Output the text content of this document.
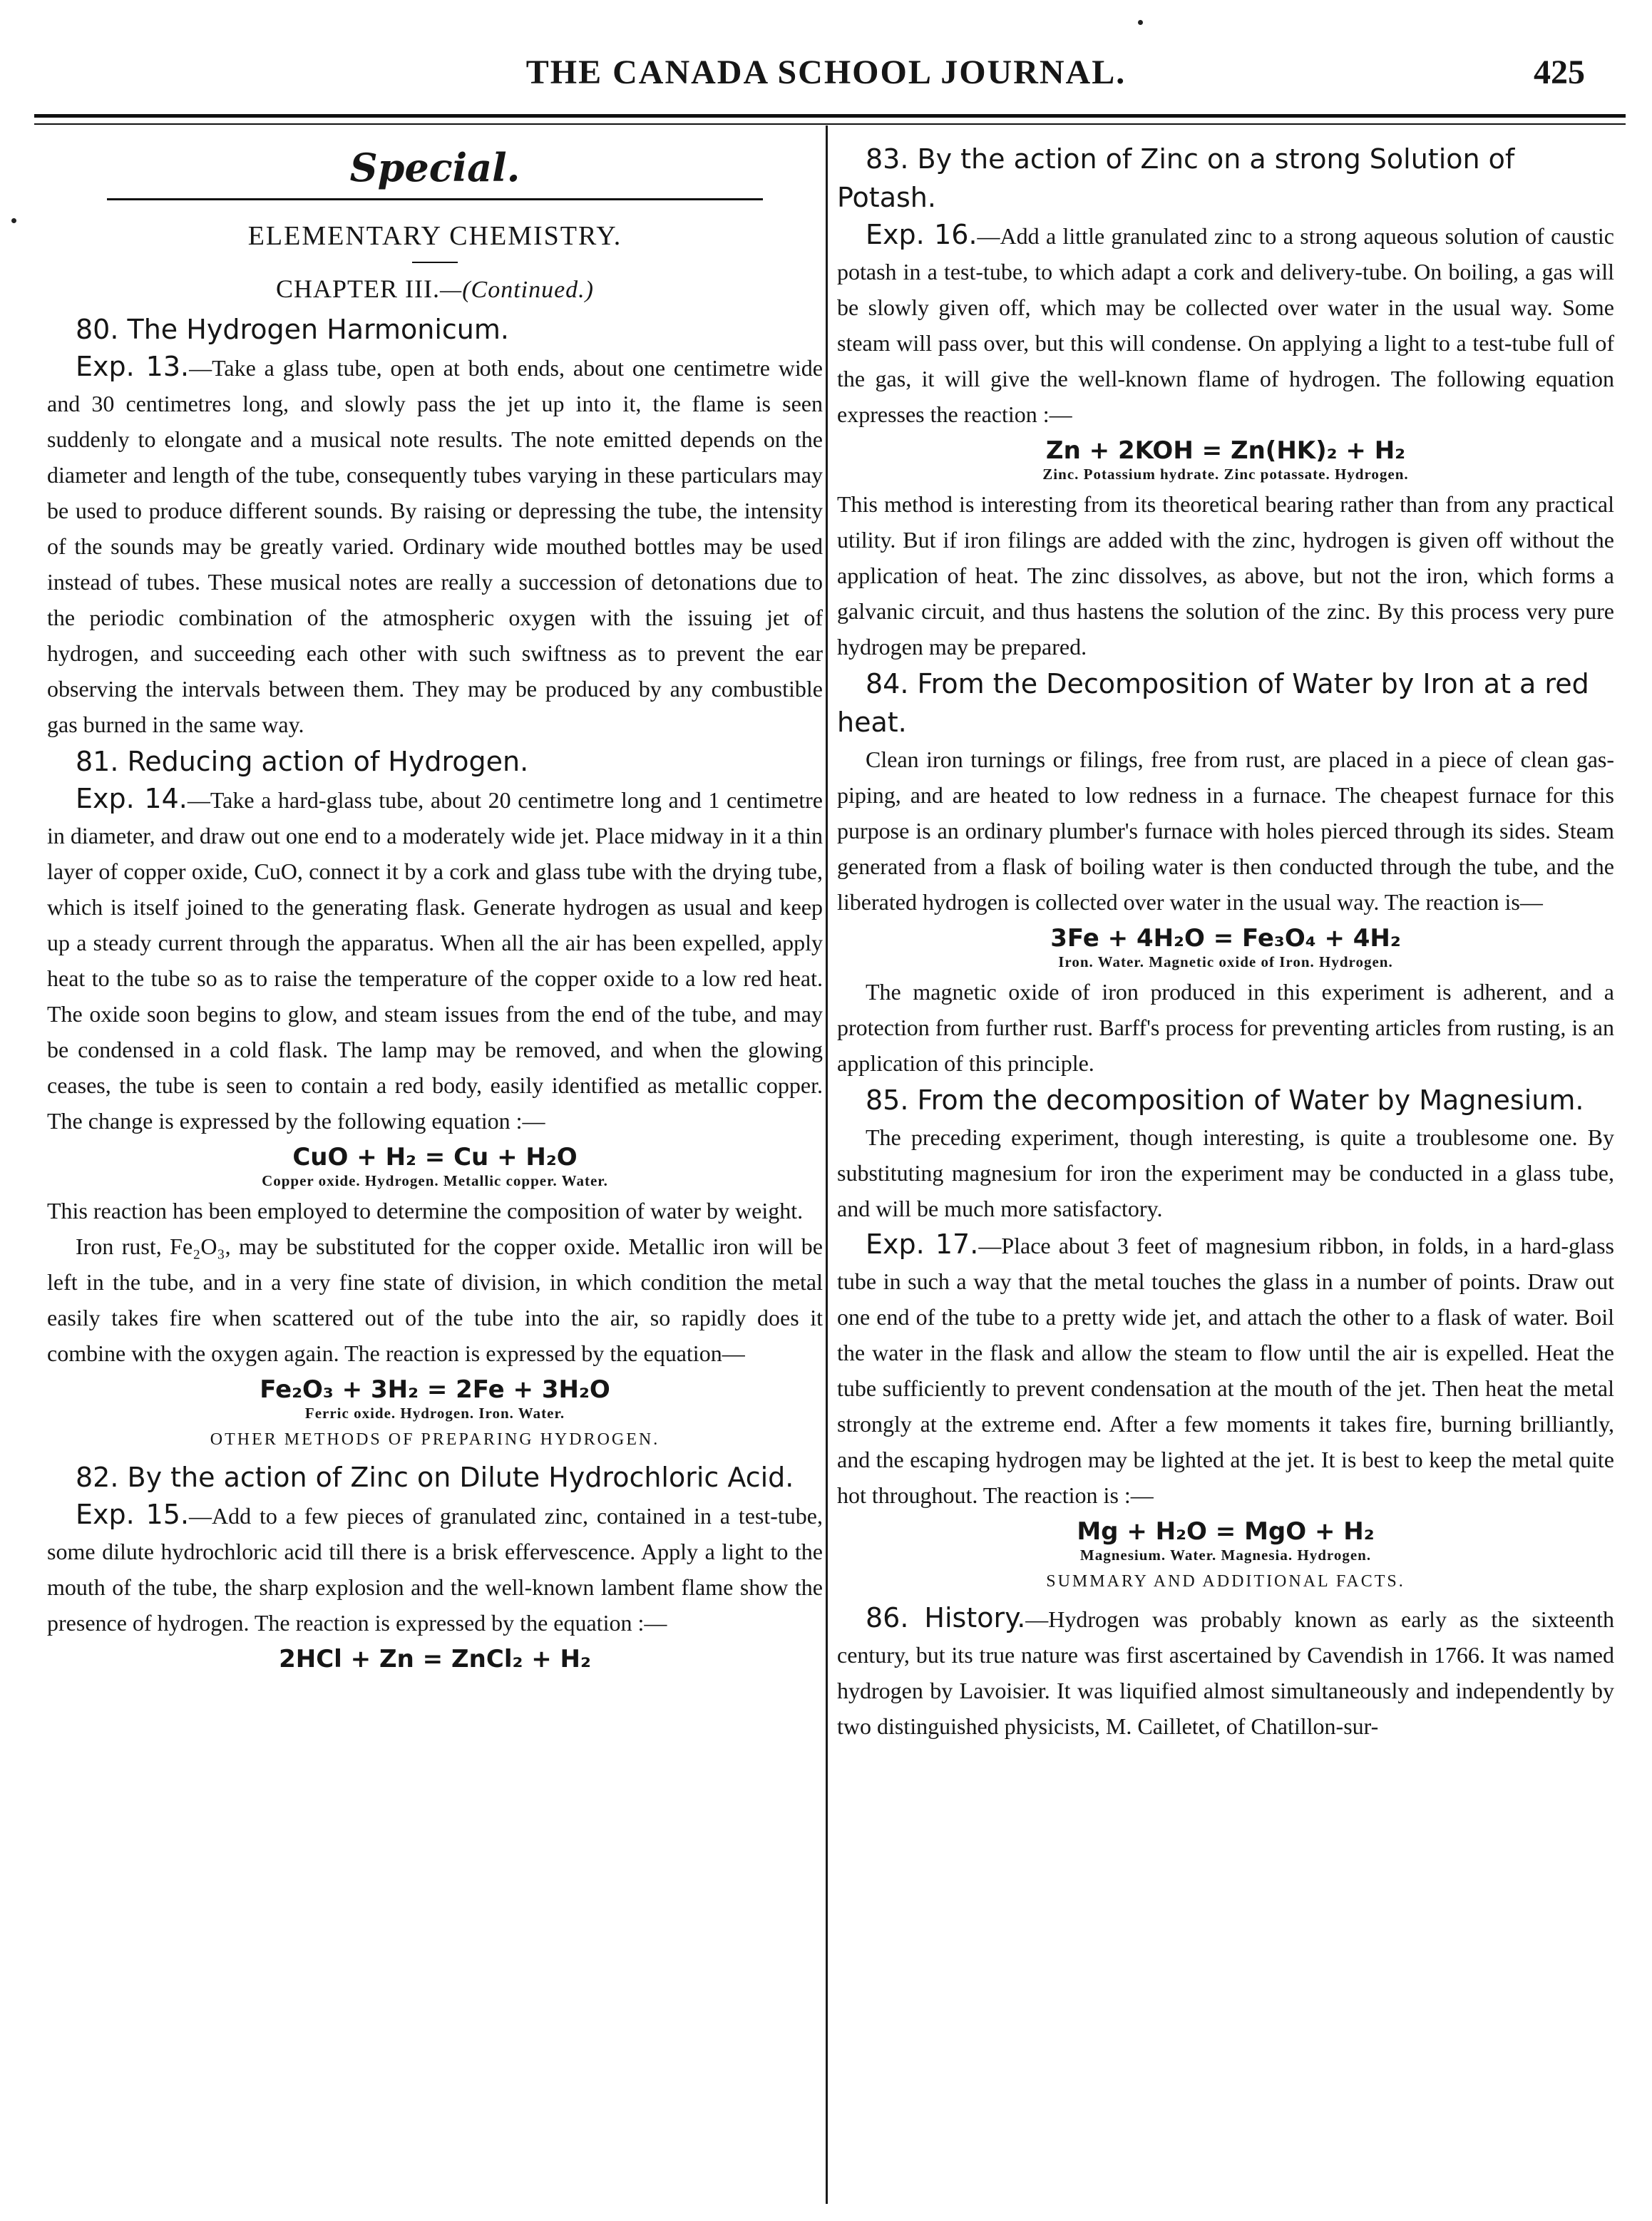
THE CANADA SCHOOL JOURNAL.	425
Special.
ELEMENTARY CHEMISTRY.
CHAPTER III.—(Continued.)

80. The Hydrogen Harmonicum.

Exp. 13.—Take a glass tube, open at both ends, about one centimetre wide and 30 centimetres long, and slowly pass the jet up into it, the flame is seen suddenly to elongate and a musical note results. The note emitted depends on the diameter and length of the tube, consequently tubes varying in these particulars may be used to produce different sounds. By raising or depressing the tube, the intensity of the sounds may be greatly varied. Ordinary wide mouthed bottles may be used instead of tubes. These musical notes are really a succession of detonations due to the periodic combination of the atmospheric oxygen with the issuing jet of hydrogen, and succeeding each other with such swiftness as to prevent the ear observing the intervals between them. They may be produced by any combustible gas burned in the same way.

81. Reducing action of Hydrogen.

Exp. 14.—Take a hard-glass tube, about 20 centimetre long and 1 centimetre in diameter, and draw out one end to a moderately wide jet. Place midway in it a thin layer of copper oxide, CuO, connect it by a cork and glass tube with the drying tube, which is itself joined to the generating flask. Generate hydrogen as usual and keep up a steady current through the apparatus. When all the air has been expelled, apply heat to the tube so as to raise the temperature of the copper oxide to a low red heat. The oxide soon begins to glow, and steam issues from the end of the tube, and may be condensed in a cold flask. The lamp may be removed, and when the glowing ceases, the tube is seen to contain a red body, easily identified as metallic copper. The change is expressed by the following equation :—

CuO + H₂ = Cu + H₂O
Copper oxide. Hydrogen. Metallic copper. Water.

This reaction has been employed to determine the composition of water by weight.

Iron rust, Fe₂O₃, may be substituted for the copper oxide. Metallic iron will be left in the tube, and in a very fine state of division, in which condition the metal easily takes fire when scattered out of the tube into the air, so rapidly does it combine with the oxygen again. The reaction is expressed by the equation—

Fe₂O₃ + 3H₂ = 2Fe + 3H₂O
Ferric oxide. Hydrogen. Iron. Water.
OTHER METHODS OF PREPARING HYDROGEN.

82. By the action of Zinc on Dilute Hydrochloric Acid.

Exp. 15.—Add to a few pieces of granulated zinc, contained in a test-tube, some dilute hydrochloric acid till there is a brisk effervescence. Apply a light to the mouth of the tube, the sharp explosion and the well-known lambent flame show the presence of hydrogen. The reaction is expressed by the equation :—

2HCl + Zn = ZnCl₂ + H₂

83. By the action of Zinc on a strong Solution of Potash.

Exp. 16.—Add a little granulated zinc to a strong aqueous solution of caustic potash in a test-tube, to which adapt a cork and delivery-tube. On boiling, a gas will be slowly given off, which may be collected over water in the usual way. Some steam will pass over, but this will condense. On applying a light to a test-tube full of the gas, it will give the well-known flame of hydrogen. The following equation expresses the reaction :—

Zn + 2KOH = Zn(HK)₂ + H₂
Zinc. Potassium hydrate. Zinc potassate. Hydrogen.

This method is interesting from its theoretical bearing rather than from any practical utility. But if iron filings are added with the zinc, hydrogen is given off without the application of heat. The zinc dissolves, as above, but not the iron, which forms a galvanic circuit, and thus hastens the solution of the zinc. By this process very pure hydrogen may be prepared.

84. From the Decomposition of Water by Iron at a red heat.

Clean iron turnings or filings, free from rust, are placed in a piece of clean gas-piping, and are heated to low redness in a furnace. The cheapest furnace for this purpose is an ordinary plumber's furnace with holes pierced through its sides. Steam generated from a flask of boiling water is then conducted through the tube, and the liberated hydrogen is collected over water in the usual way. The reaction is—

3Fe + 4H₂O = Fe₃O₄ + 4H₂
Iron. Water. Magnetic oxide of Iron. Hydrogen.

The magnetic oxide of iron produced in this experiment is adherent, and a protection from further rust. Barff's process for preventing articles from rusting, is an application of this principle.

85. From the decomposition of Water by Magnesium.

The preceding experiment, though interesting, is quite a troublesome one. By substituting magnesium for iron the experiment may be conducted in a glass tube, and will be much more satisfactory.

Exp. 17.—Place about 3 feet of magnesium ribbon, in folds, in a hard-glass tube in such a way that the metal touches the glass in a number of points. Draw out one end of the tube to a pretty wide jet, and attach the other to a flask of water. Boil the water in the flask and allow the steam to flow until the air is expelled. Heat the tube sufficiently to prevent condensation at the mouth of the jet. Then heat the metal strongly at the extreme end. After a few moments it takes fire, burning brilliantly, and the escaping hydrogen may be lighted at the jet. It is best to keep the metal quite hot throughout. The reaction is :—

Mg + H₂O = MgO + H₂
Magnesium. Water. Magnesia. Hydrogen.
SUMMARY AND ADDITIONAL FACTS.

86. History.—Hydrogen was probably known as early as the sixteenth century, but its true nature was first ascertained by Cavendish in 1766. It was named hydrogen by Lavoisier. It was liquified almost simultaneously and independently by two distinguished physicists, M. Cailletet, of Chatillon-sur-
